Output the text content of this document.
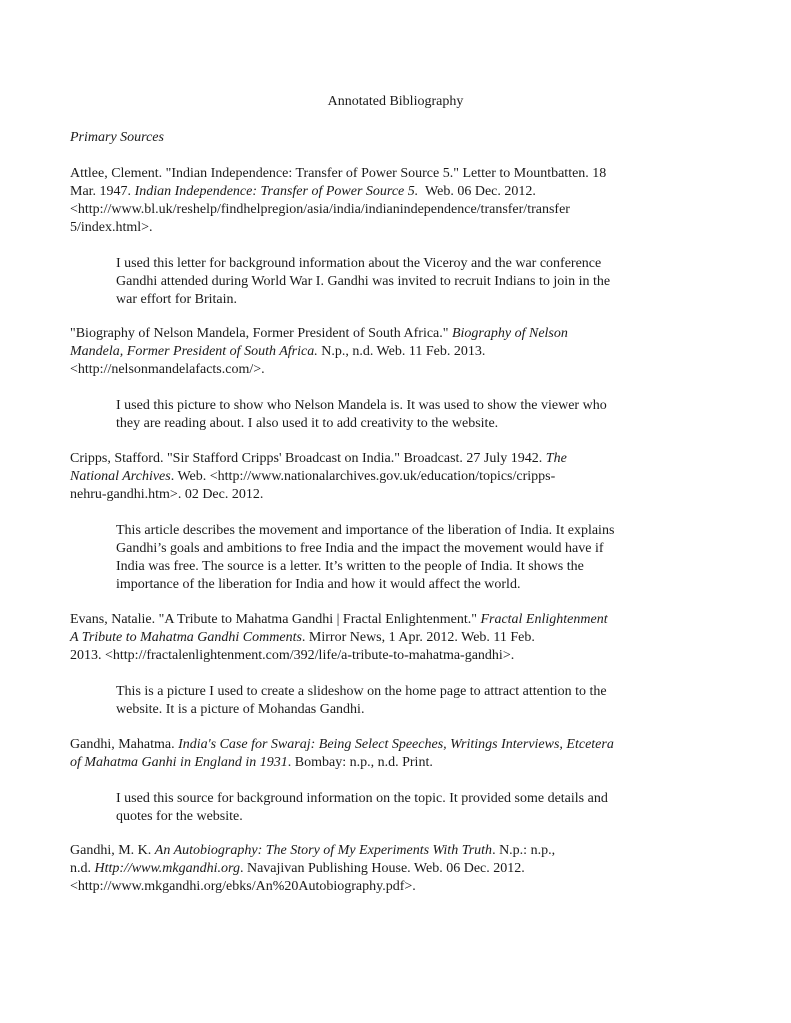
Annotated Bibliography
Primary Sources

Attlee, Clement. "Indian Independence: Transfer of Power Source 5." Letter to Mountbatten. 18
Mar. 1947. Indian Independence: Transfer of Power Source 5.  Web. 06 Dec. 2012.
<http://www.bl.uk/reshelp/findhelpregion/asia/india/indianindependence/transfer/transfer
5/index.html>.

I used this letter for background information about the Viceroy and the war conference
Gandhi attended during World War I. Gandhi was invited to recruit Indians to join in the
war effort for Britain.

"Biography of Nelson Mandela, Former President of South Africa." Biography of Nelson
Mandela, Former President of South Africa. N.p., n.d. Web. 11 Feb. 2013.
<http://nelsonmandelafacts.com/>.

I used this picture to show who Nelson Mandela is. It was used to show the viewer who
they are reading about. I also used it to add creativity to the website.

Cripps, Stafford. "Sir Stafford Cripps' Broadcast on India." Broadcast. 27 July 1942. The
National Archives. Web. <http://www.nationalarchives.gov.uk/education/topics/cripps-
nehru-gandhi.htm>. 02 Dec. 2012.

This article describes the movement and importance of the liberation of India. It explains
Gandhi’s goals and ambitions to free India and the impact the movement would have if
India was free. The source is a letter. It’s written to the people of India. It shows the
importance of the liberation for India and how it would affect the world.

Evans, Natalie. "A Tribute to Mahatma Gandhi | Fractal Enlightenment." Fractal Enlightenment
A Tribute to Mahatma Gandhi Comments. Mirror News, 1 Apr. 2012. Web. 11 Feb.
2013. <http://fractalenlightenment.com/392/life/a-tribute-to-mahatma-gandhi>.

This is a picture I used to create a slideshow on the home page to attract attention to the
website. It is a picture of Mohandas Gandhi.

Gandhi, Mahatma. India's Case for Swaraj: Being Select Speeches, Writings Interviews, Etcetera
of Mahatma Ganhi in England in 1931. Bombay: n.p., n.d. Print.

I used this source for background information on the topic. It provided some details and
quotes for the website.

Gandhi, M. K. An Autobiography: The Story of My Experiments With Truth. N.p.: n.p.,
n.d. Http://www.mkgandhi.org. Navajivan Publishing House. Web. 06 Dec. 2012.
<http://www.mkgandhi.org/ebks/An%20Autobiography.pdf>.
